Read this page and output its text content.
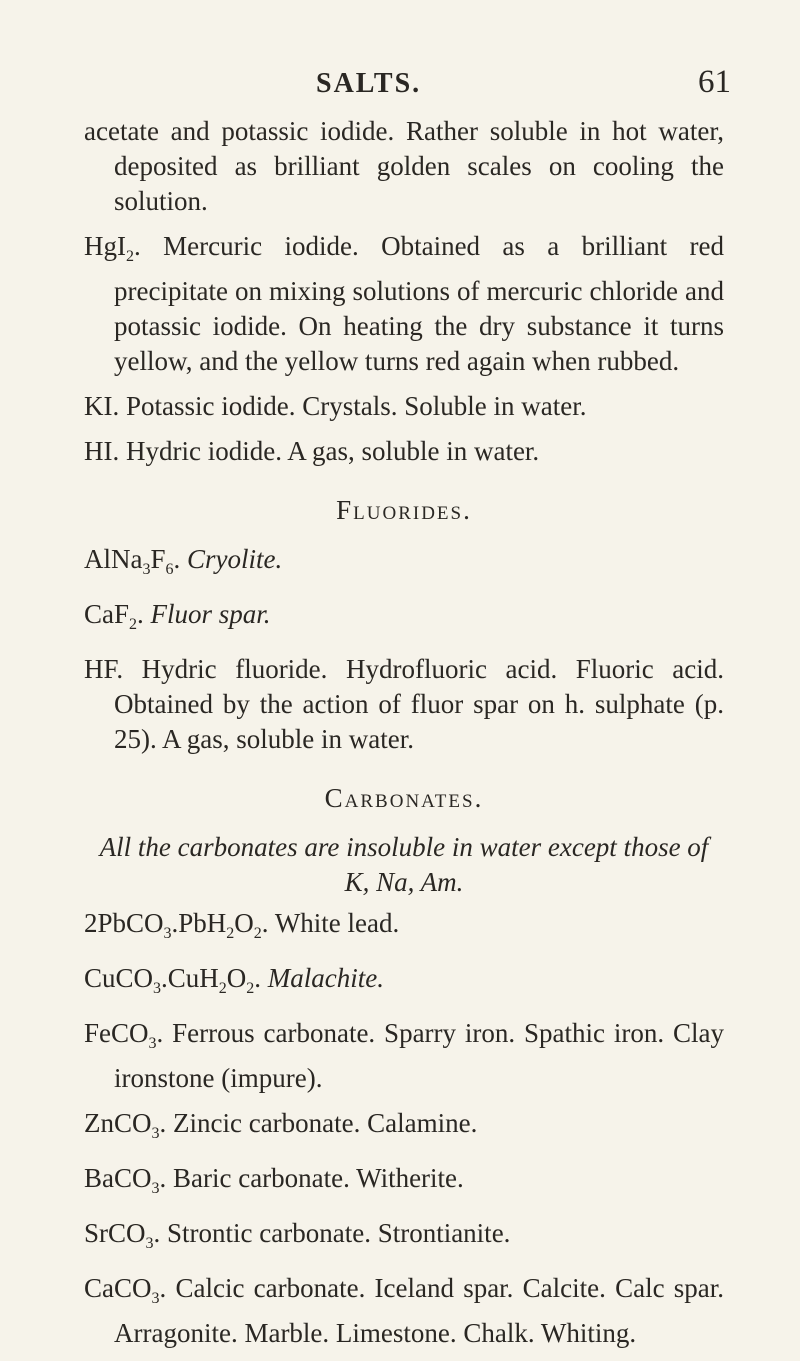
SALTS.	61

acetate and potassic iodide. Rather soluble in hot water, deposited as brilliant golden scales on cooling the solution.

HgI$_2$. Mercuric iodide. Obtained as a brilliant red precipitate on mixing solutions of mercuric chloride and potassic iodide. On heating the dry substance it turns yellow, and the yellow turns red again when rubbed.

KI. Potassic iodide. Crystals. Soluble in water.

HI. Hydric iodide. A gas, soluble in water.

Fluorides.

$AlNa_3F_6$. Cryolite.

CaF$_2$. Fluor spar.

HF. Hydric fluoride. Hydrofluoric acid. Fluoric acid. Obtained by the action of fluor spar on h. sulphate (p. 25). A gas, soluble in water.

Carbonates.

All the carbonates are insoluble in water except those of K, Na, Am.

$2PbCO_3.PbH_2O_2$. White lead.

$CuCO_3.CuH_2O_2$. Malachite.

FeCO$_3$. Ferrous carbonate. Sparry iron. Spathic iron. Clay ironstone (impure).

ZnCO$_3$. Zincic carbonate. Calamine.

BaCO$_3$. Baric carbonate. Witherite.

SrCO$_3$. Strontic carbonate. Strontianite.

CaCO$_3$. Calcic carbonate. Iceland spar. Calcite. Calc spar. Arragonite. Marble. Limestone. Chalk. Whiting.
